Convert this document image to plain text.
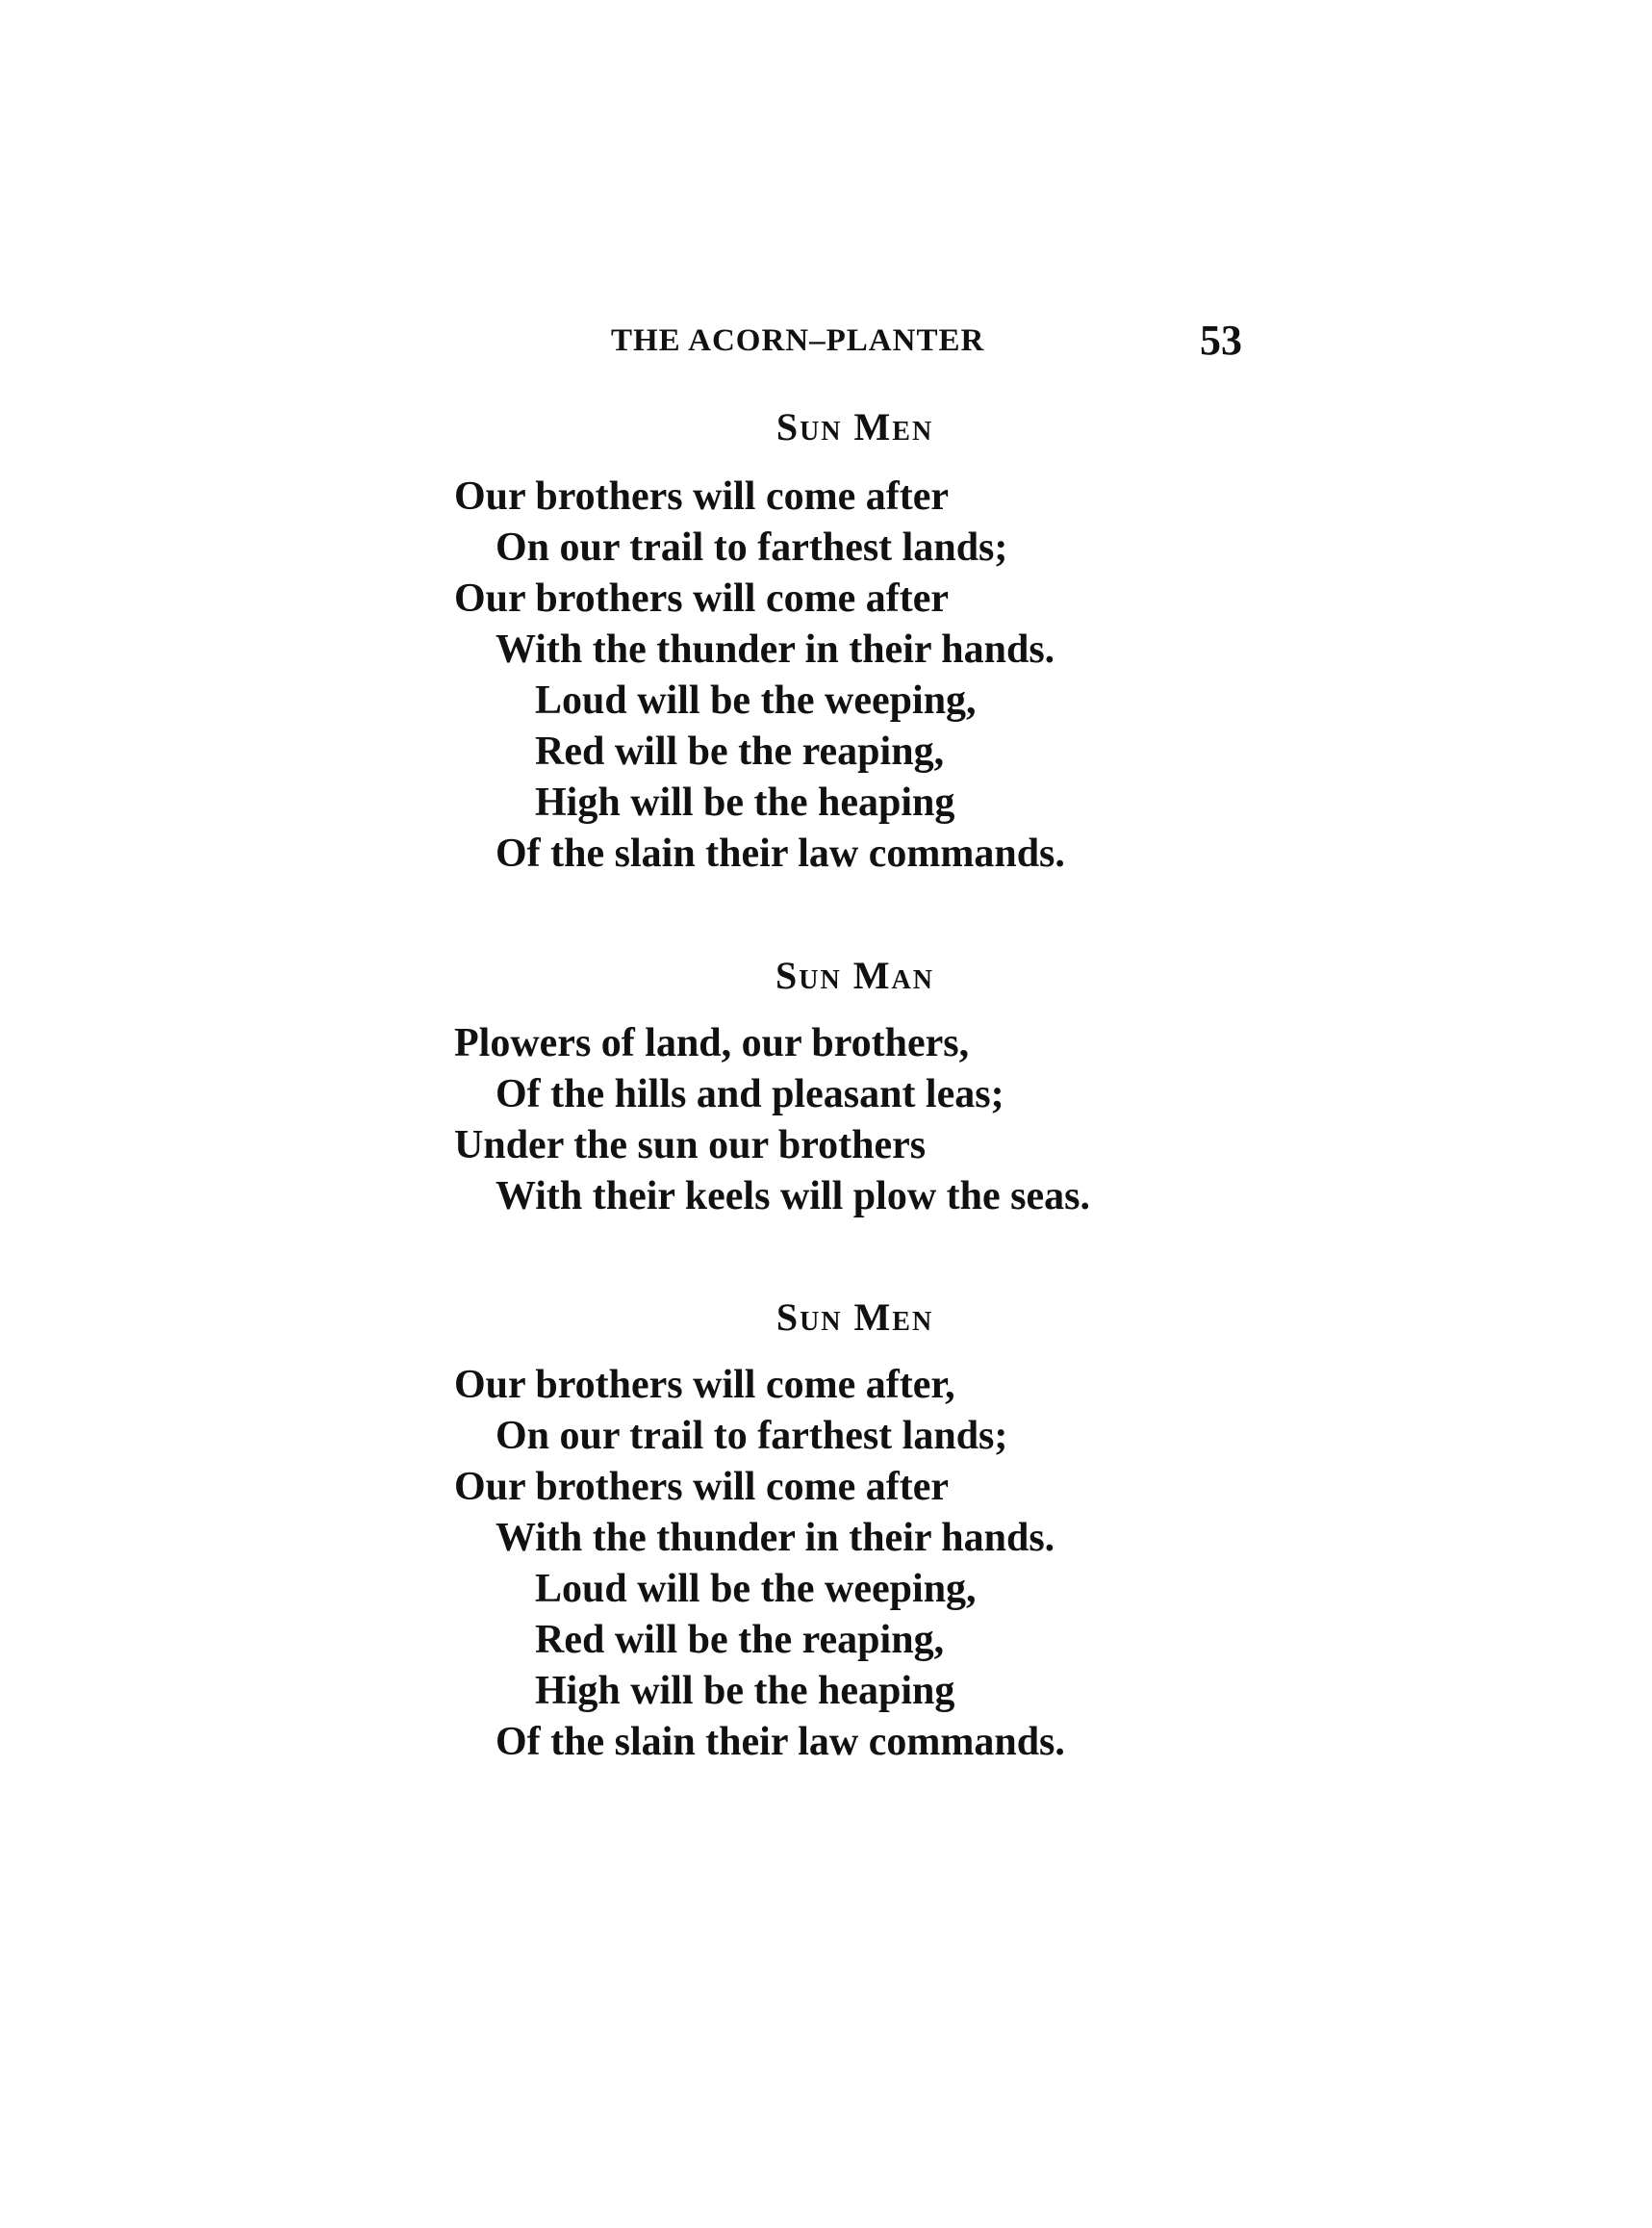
THE ACORN–PLANTER	53
Sun Men
Our brothers will come after
On our trail to farthest lands;
Our brothers will come after
With the thunder in their hands.
Loud will be the weeping,
Red will be the reaping,
High will be the heaping
Of the slain their law commands.
Sun Man
Plowers of land, our brothers,
Of the hills and pleasant leas;
Under the sun our brothers
With their keels will plow the seas.
Sun Men
Our brothers will come after,
On our trail to farthest lands;
Our brothers will come after
With the thunder in their hands.
Loud will be the weeping,
Red will be the reaping,
High will be the heaping
Of the slain their law commands.
